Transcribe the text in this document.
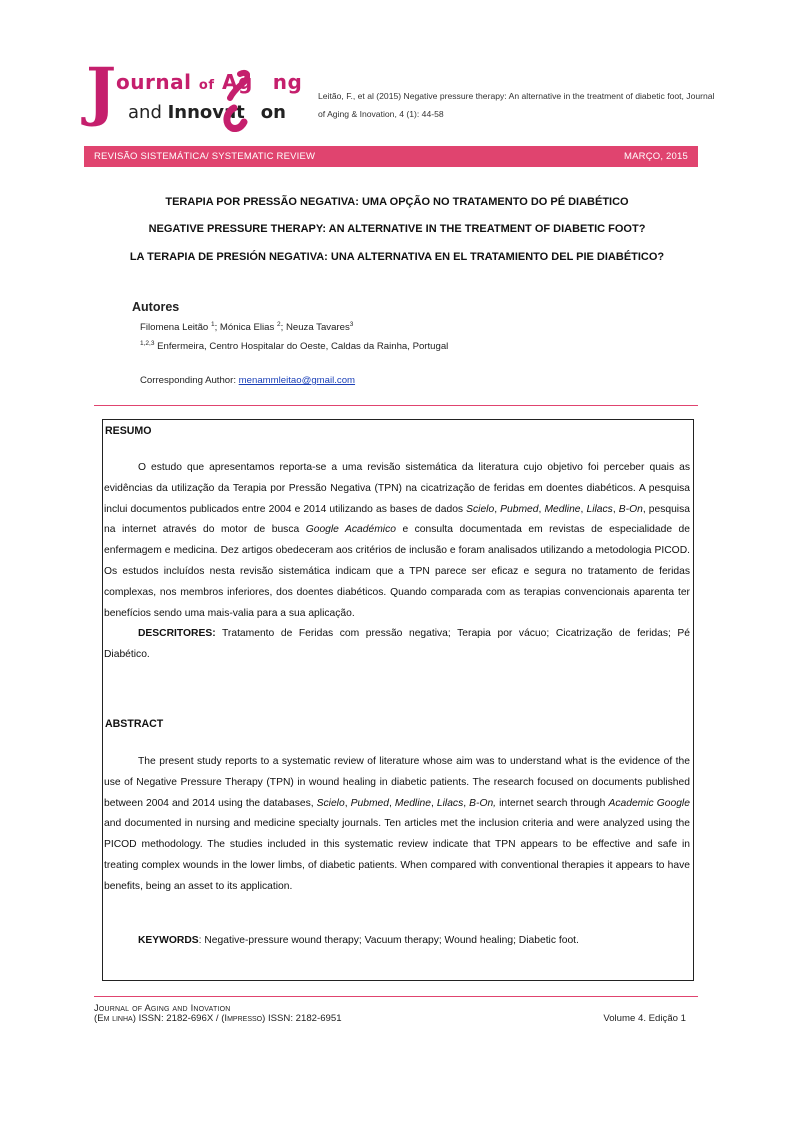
J ournal of Ag ng
and Innovat on
Leitão, F., et al (2015) Negative pressure therapy: An alternative in the treatment of diabetic foot, Journal of Aging & Inovation, 4 (1): 44-58
REVISÃO SISTEMÁTICA/ SYSTEMATIC REVIEW	MARÇO, 2015
TERAPIA POR PRESSÃO NEGATIVA: UMA OPÇÃO NO TRATAMENTO DO PÉ DIABÉTICO
NEGATIVE PRESSURE THERAPY: AN ALTERNATIVE IN THE TREATMENT OF DIABETIC FOOT?
LA TERAPIA DE PRESIÓN NEGATIVA: UNA ALTERNATIVA EN EL TRATAMIENTO DEL PIE DIABÉTICO?
Autores
Filomena Leitão $^1$; Mónica Elias $^2$; Neuza Tavares$^3$
$^{1,2,3}$ Enfermeira, Centro Hospitalar do Oeste, Caldas da Rainha, Portugal
Corresponding Author: menammleitao@gmail.com
RESUMO
O estudo que apresentamos reporta-se a uma revisão sistemática da literatura cujo objetivo foi perceber quais as evidências da utilização da Terapia por Pressão Negativa (TPN) na cicatrização de feridas em doentes diabéticos. A pesquisa inclui documentos publicados entre 2004 e 2014 utilizando as bases de dados Scielo, Pubmed, Medline, Lilacs, B-On, pesquisa na internet através do motor de busca Google Académico e consulta documentada em revistas de especialidade de enfermagem e medicina. Dez artigos obedeceram aos critérios de inclusão e foram analisados utilizando a metodologia PICOD. Os estudos incluídos nesta revisão sistemática indicam que a TPN parece ser eficaz e segura no tratamento de feridas complexas, nos membros inferiores, dos doentes diabéticos. Quando comparada com as terapias convencionais aparenta ter benefícios sendo uma mais-valia para a sua aplicação.
DESCRITORES: Tratamento de Feridas com pressão negativa; Terapia por vácuo; Cicatrização de feridas; Pé Diabético.
ABSTRACT
The present study reports to a systematic review of literature whose aim was to understand what is the evidence of the use of Negative Pressure Therapy (TPN) in wound healing in diabetic patients. The research focused on documents published between 2004 and 2014 using the databases, Scielo, Pubmed, Medline, Lilacs, B-On, internet search through Academic Google and documented in nursing and medicine specialty journals. Ten articles met the inclusion criteria and were analyzed using the PICOD methodology. The studies included in this systematic review indicate that TPN appears to be effective and safe in treating complex wounds in the lower limbs, of diabetic patients. When compared with conventional therapies it appears to have benefits, being an asset to its application.
KEYWORDS: Negative-pressure wound therapy; Vacuum therapy; Wound healing; Diabetic foot.
Journal of Aging and Inovation
(Em linha) ISSN: 2182-696X / (Impresso) ISSN: 2182-6951	Volume 4. Edição 1
